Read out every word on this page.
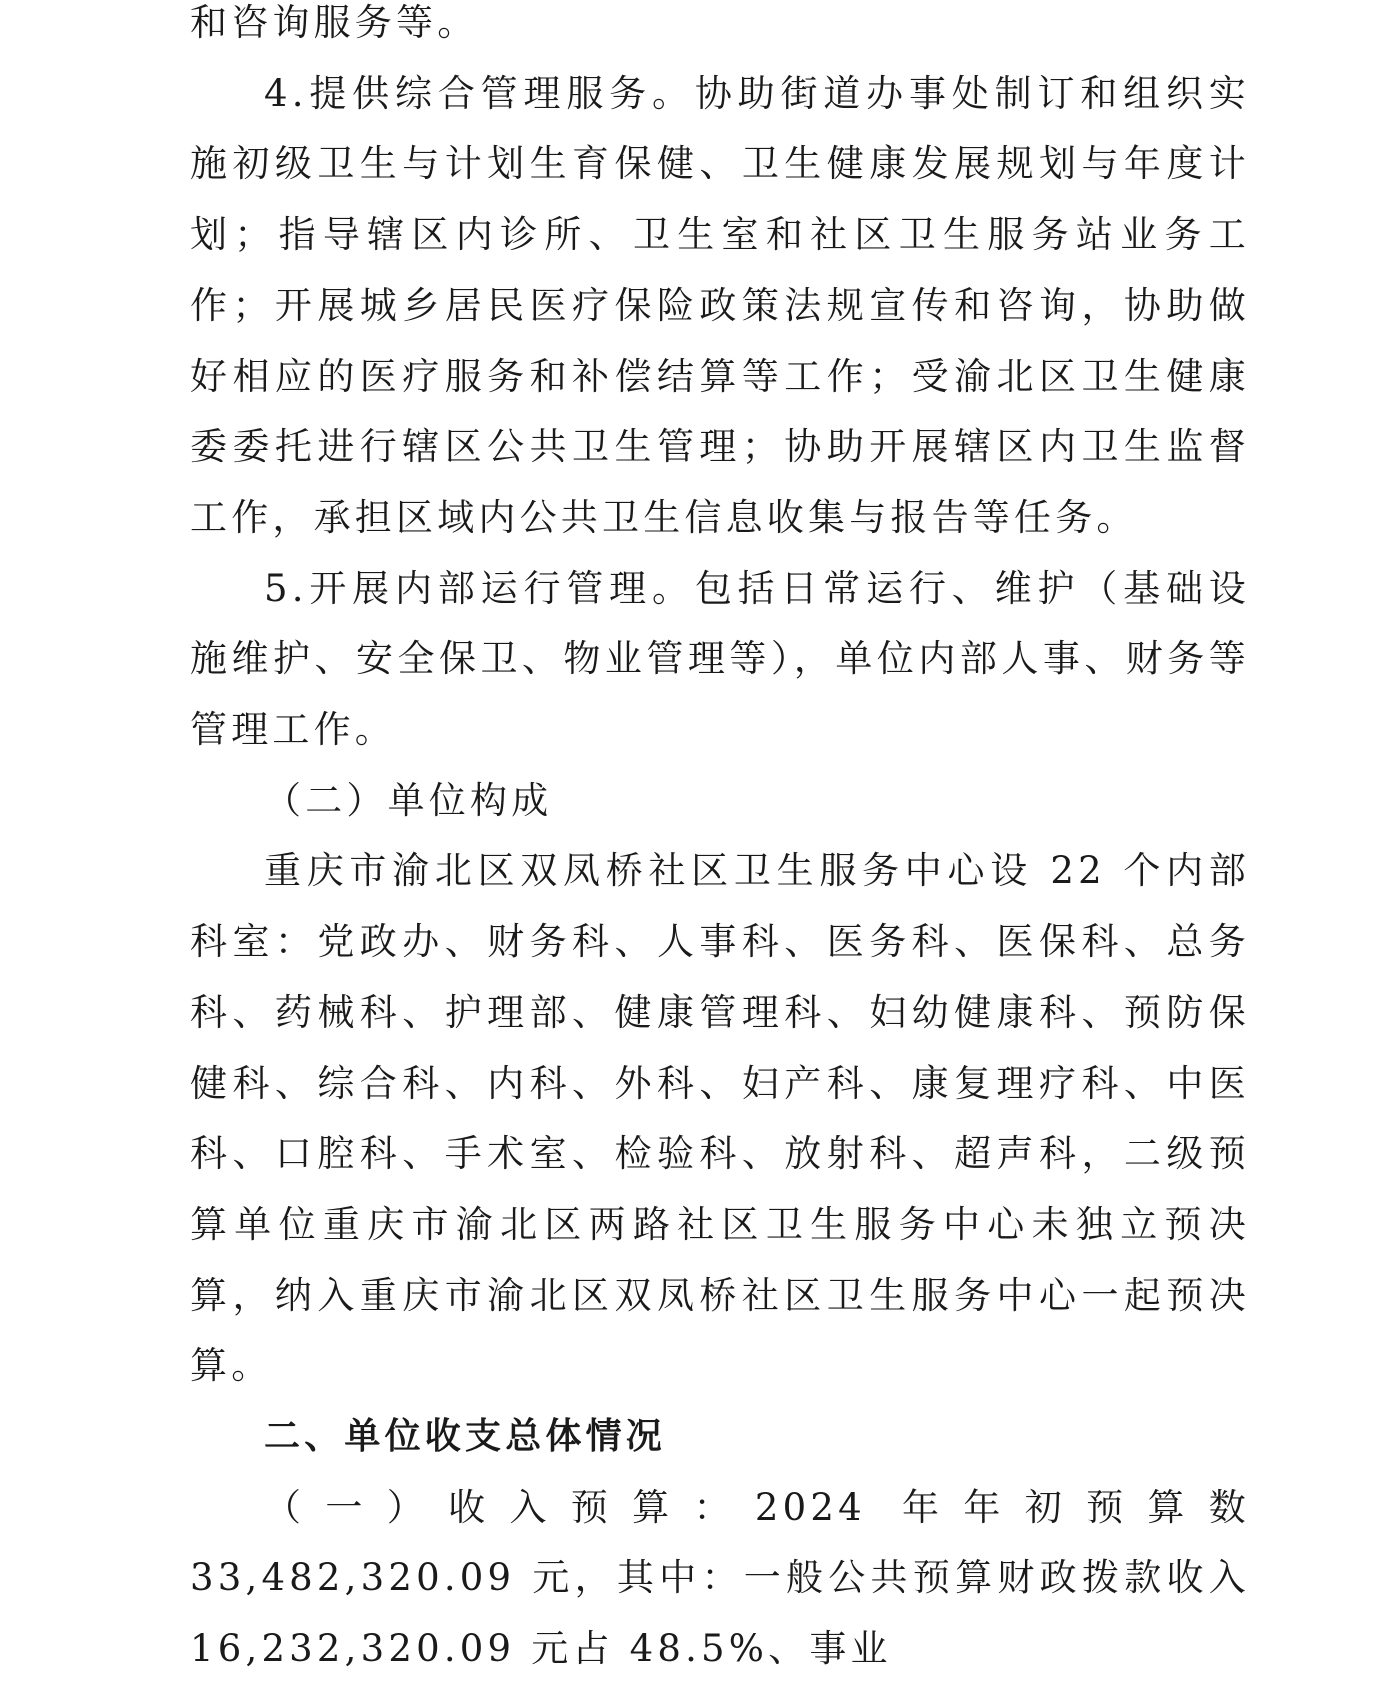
和咨询服务等。

4.提供综合管理服务。协助街道办事处制订和组织实施初级卫生与计划生育保健、卫生健康发展规划与年度计划；指导辖区内诊所、卫生室和社区卫生服务站业务工作；开展城乡居民医疗保险政策法规宣传和咨询，协助做好相应的医疗服务和补偿结算等工作；受渝北区卫生健康委委托进行辖区公共卫生管理；协助开展辖区内卫生监督工作，承担区域内公共卫生信息收集与报告等任务。

5.开展内部运行管理。包括日常运行、维护（基础设施维护、安全保卫、物业管理等），单位内部人事、财务等管理工作。

（二）单位构成

重庆市渝北区双凤桥社区卫生服务中心设 22 个内部科室：党政办、财务科、人事科、医务科、医保科、总务科、药械科、护理部、健康管理科、妇幼健康科、预防保健科、综合科、内科、外科、妇产科、康复理疗科、中医科、口腔科、手术室、检验科、放射科、超声科，二级预算单位重庆市渝北区两路社区卫生服务中心未独立预决算，纳入重庆市渝北区双凤桥社区卫生服务中心一起预决算。

二、单位收支总体情况

（一）收入预算：2024 年年初预算数 33,482,320.09 元，其中：一般公共预算财政拨款收入 16,232,320.09 元占 48.5%、事业
